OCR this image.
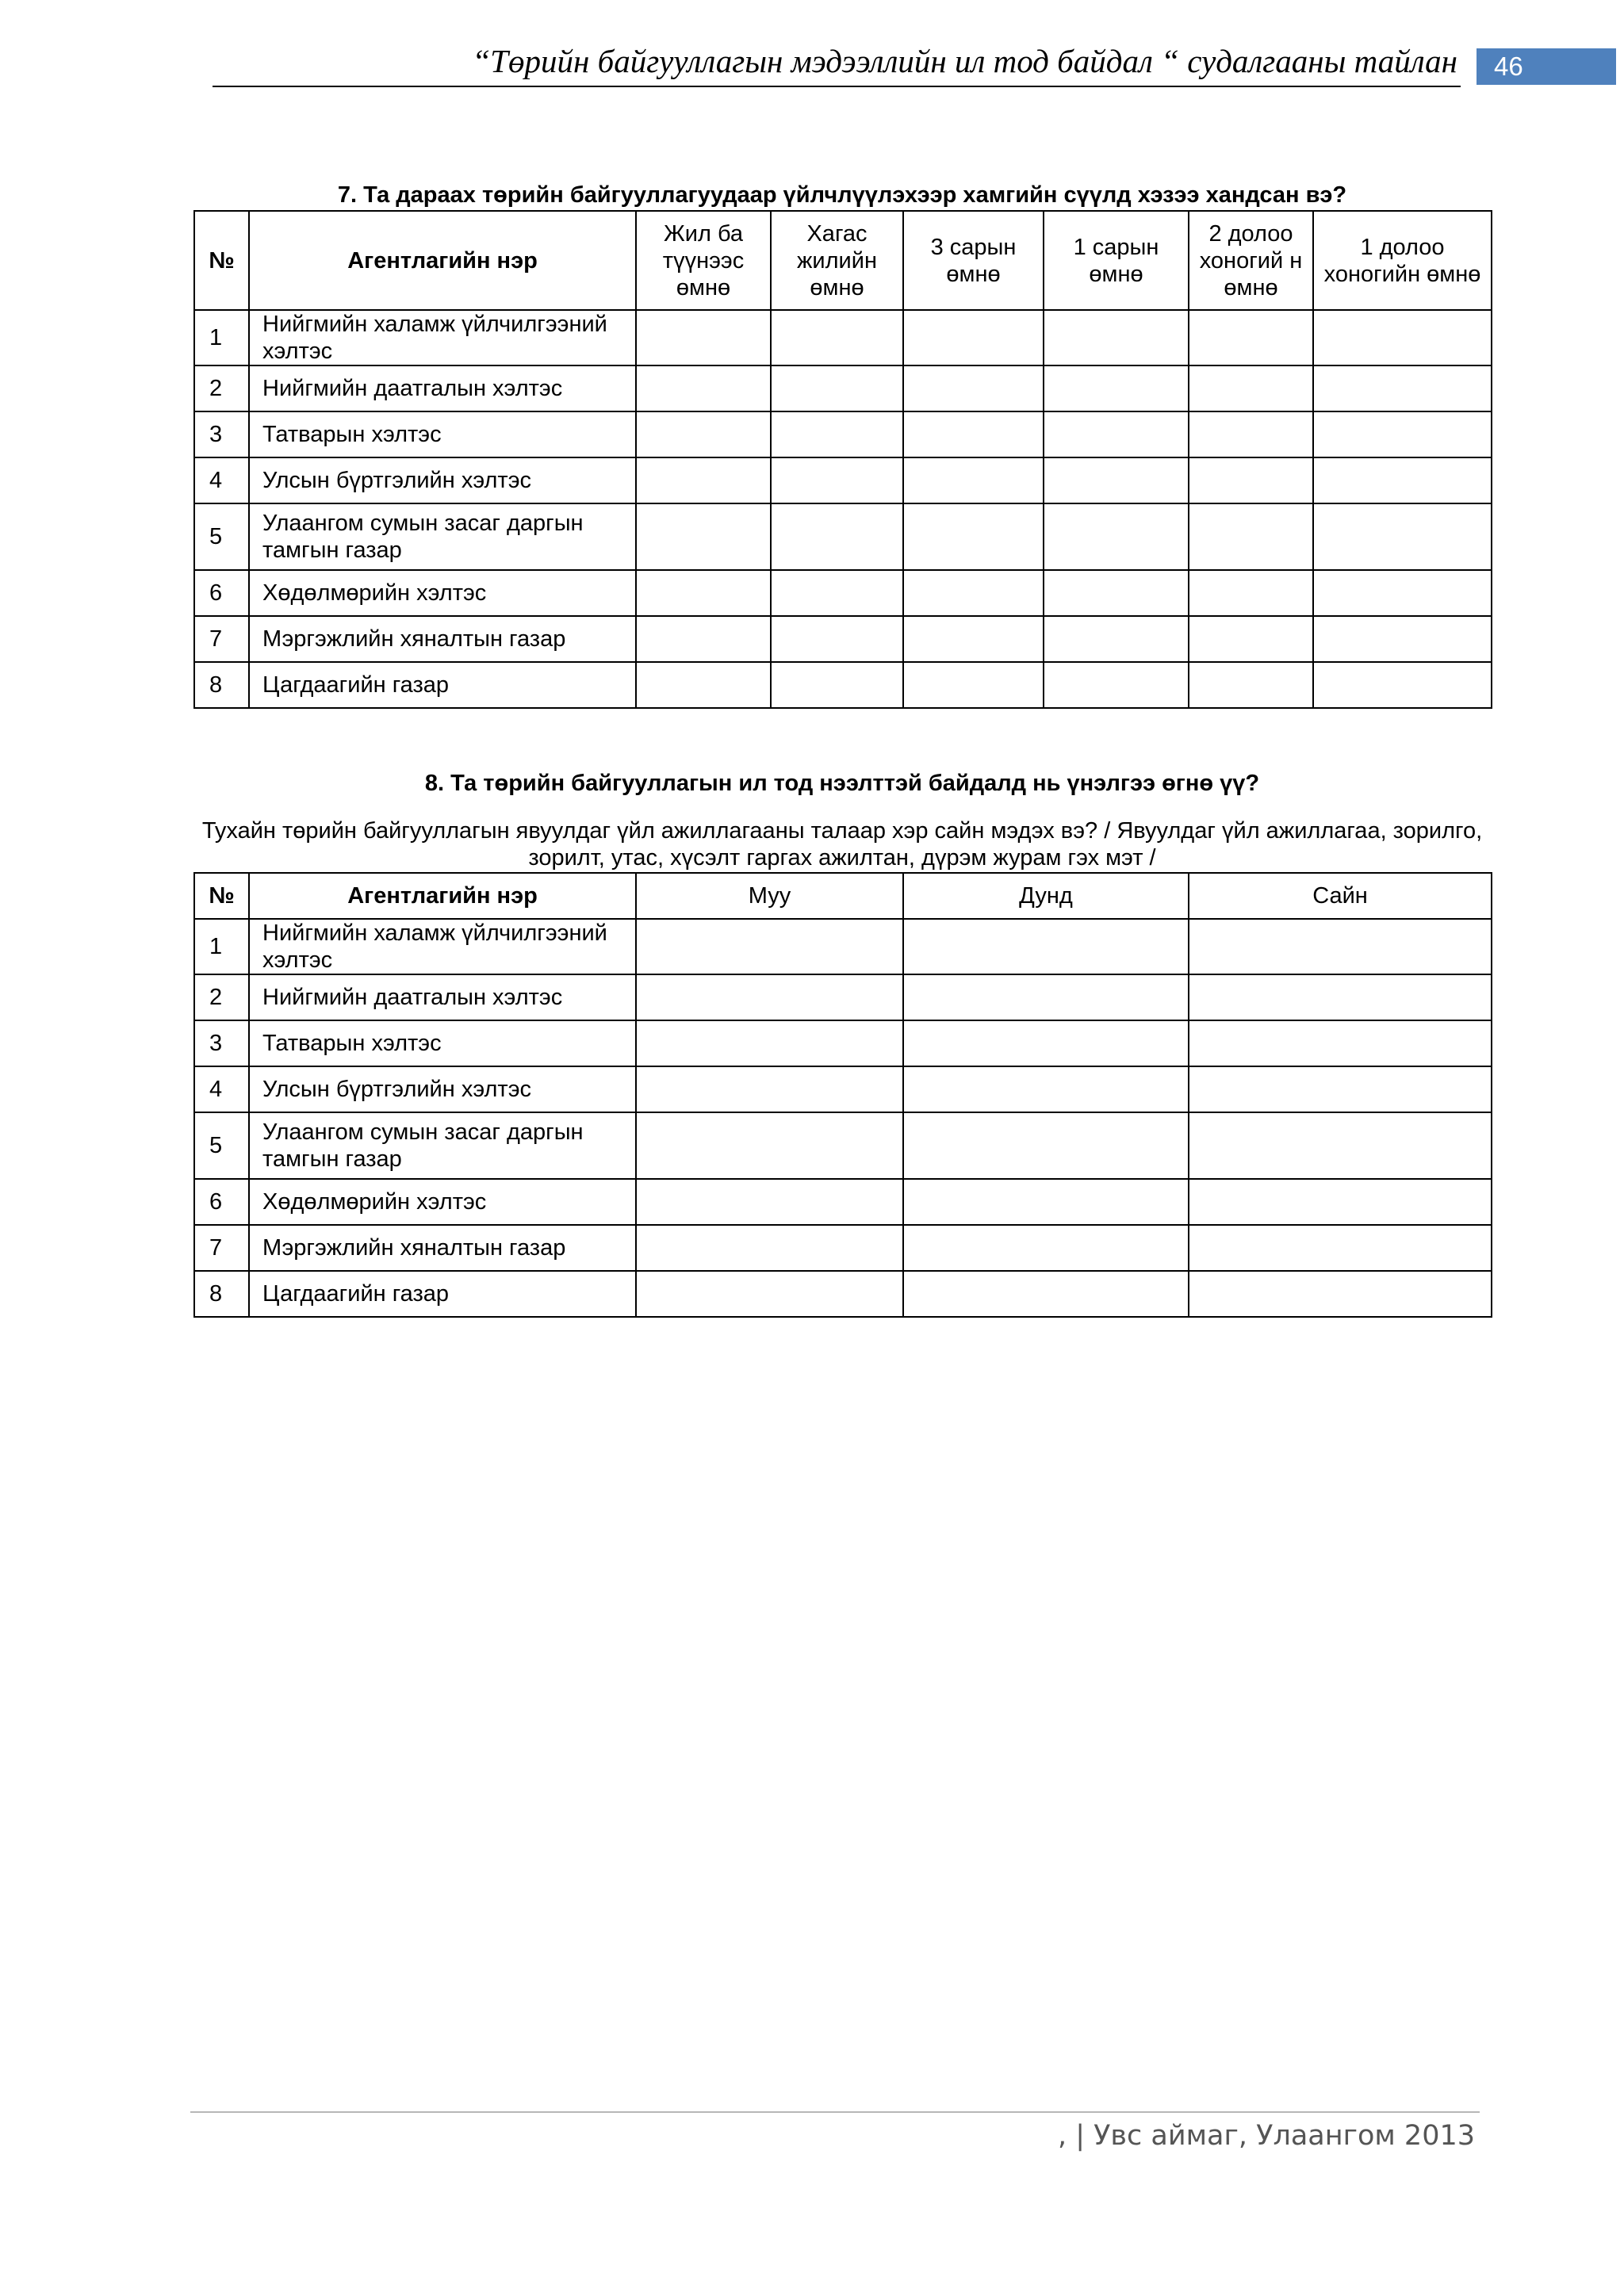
“Төрийн байгууллагын мэдээллийн ил тод байдал “ судалгааны тайлан	46
7. Та дараах төрийн байгууллагуудаар үйлчлүүлэхээр хамгийн сүүлд хэзээ хандсан вэ?
№	Агентлагийн нэр	Жил ба түүнээс өмнө	Хагас жилийн өмнө	3 сарын өмнө	1 сарын өмнө	2 долоо хоногий н өмнө	1 долоо хоногийн өмнө
1	Нийгмийн халамж үйлчилгээний хэлтэс						
2	Нийгмийн даатгалын хэлтэс						
3	Татварын хэлтэс						
4	Улсын бүртгэлийн хэлтэс						
5	Улаангом сумын засаг даргын тамгын газар						
6	Хөдөлмөрийн хэлтэс						
7	Мэргэжлийн хяналтын газар						
8	Цагдаагийн газар						
8. Та төрийн байгууллагын ил тод нээлттэй байдалд нь үнэлгээ өгнө үү?
Тухайн төрийн байгууллагын явуулдаг үйл ажиллагааны талаар хэр сайн мэдэх вэ? / Явуулдаг үйл ажиллагаа, зорилго, зорилт, утас, хүсэлт гаргах ажилтан, дүрэм журам гэх мэт /
№	Агентлагийн нэр	Муу	Дунд	Сайн
1	Нийгмийн халамж үйлчилгээний хэлтэс			
2	Нийгмийн даатгалын хэлтэс			
3	Татварын хэлтэс			
4	Улсын бүртгэлийн хэлтэс			
5	Улаангом сумын засаг даргын тамгын газар			
6	Хөдөлмөрийн хэлтэс			
7	Мэргэжлийн хяналтын газар			
8	Цагдаагийн газар			
, | Увс аймаг, Улаангом 2013
